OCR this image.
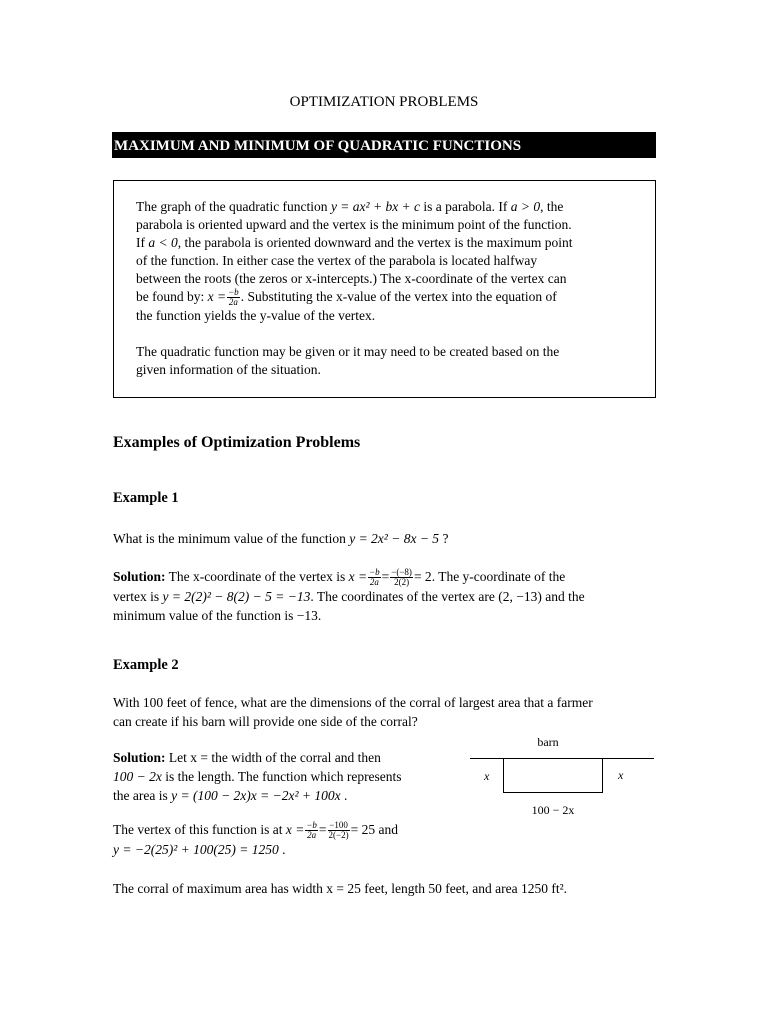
OPTIMIZATION PROBLEMS
MAXIMUM AND MINIMUM OF QUADRATIC FUNCTIONS
The graph of the quadratic function y = ax² + bx + c is a parabola. If a > 0, the
parabola is oriented upward and the vertex is the minimum point of the function.
If a < 0, the parabola is oriented downward and the vertex is the maximum point
of the function. In either case the vertex of the parabola is located halfway
between the roots (the zeros or x-intercepts.) The x-coordinate of the vertex can
be found by: $x = \frac{-b}{2a}$ . Substituting the x-value of the vertex into the equation of
the function yields the y-value of the vertex.
The quadratic function may be given or it may need to be created based on the
given information of the situation.
Examples of Optimization Problems
Example 1
What is the minimum value of the function y = 2x² − 8x − 5 ?
Solution: The x-coordinate of the vertex is $x = \frac{-b}{2a} = \frac{-(-8)}{2(2)} = 2$. The y-coordinate of the
vertex is y = 2(2)² − 8(2) − 5 = −13. The coordinates of the vertex are (2, −13) and the
minimum value of the function is −13.
Example 2
With 100 feet of fence, what are the dimensions of the corral of largest area that a farmer
can create if his barn will provide one side of the corral?
Solution: Let x = the width of the corral and then
100 − 2x is the length. The function which represents
the area is y = (100 − 2x)x = −2x² + 100x .
The vertex of this function is at $x = \frac{-b}{2a} = \frac{-100}{2(-2)} = 25$ and
y = −2(25)² + 100(25) = 1250 .
The corral of maximum area has width x = 25 feet, length 50 feet, and area 1250 ft².
barn
x	x
100 − 2x
